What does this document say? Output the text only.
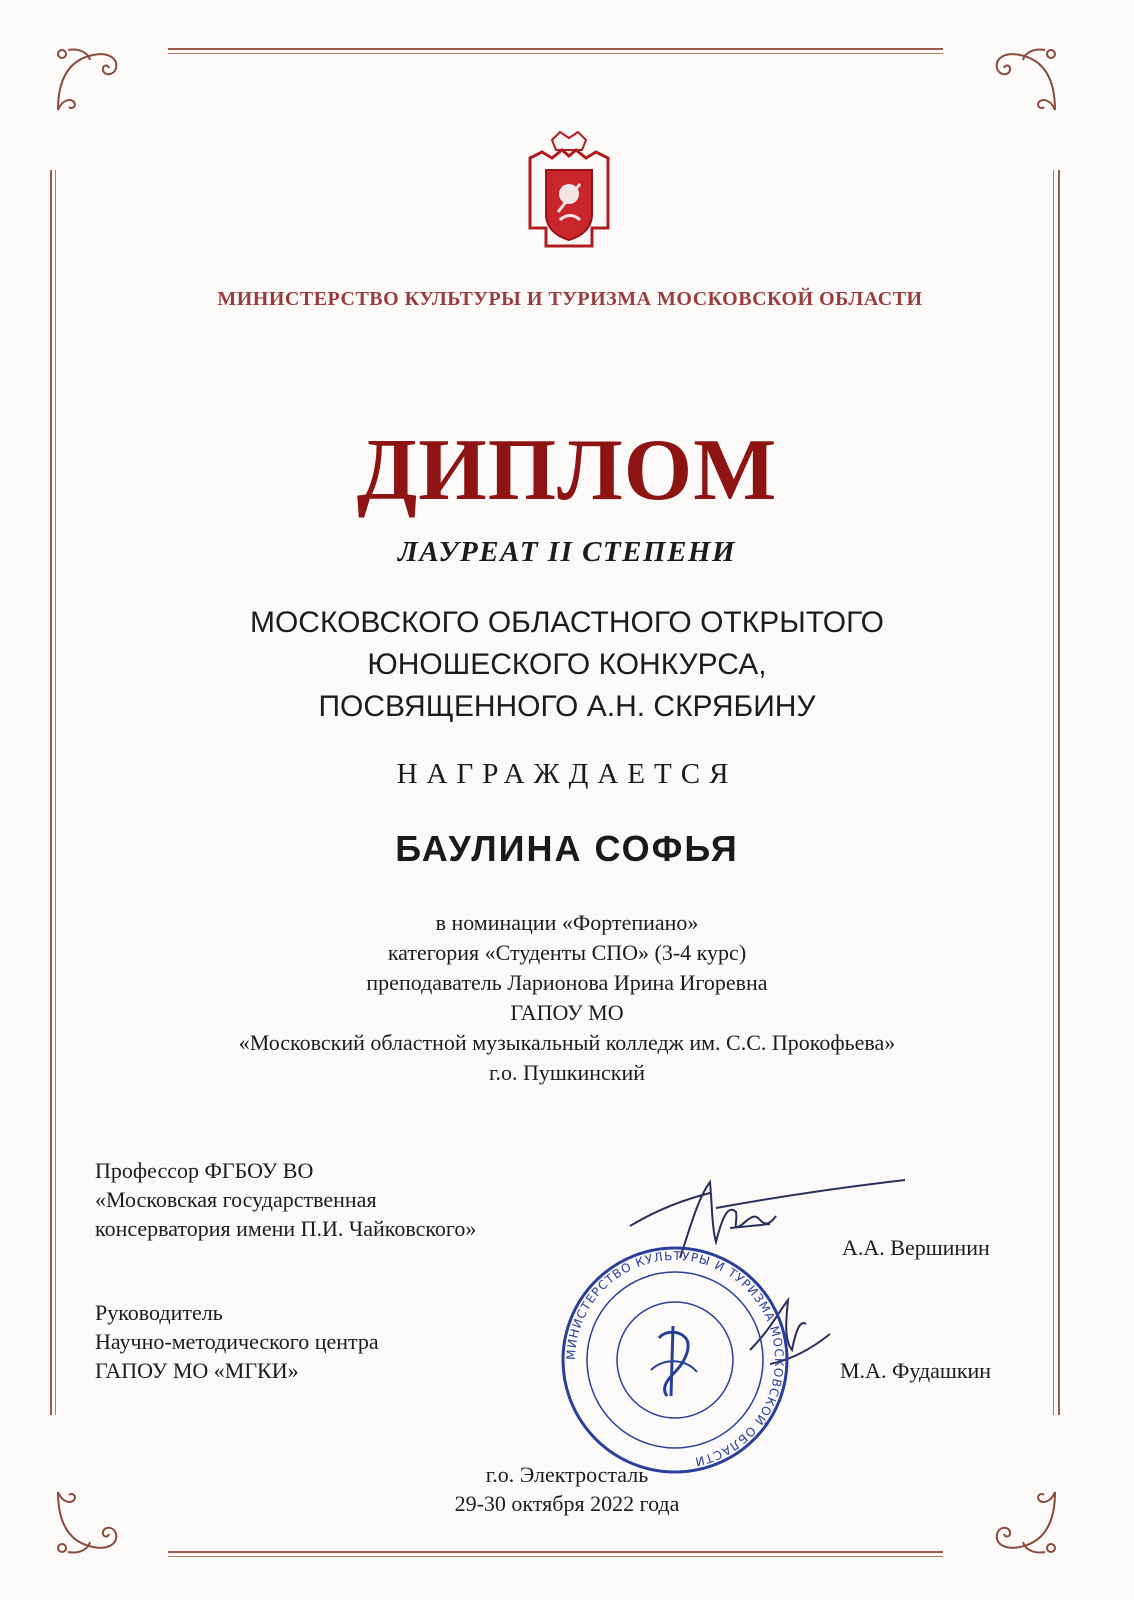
МИНИСТЕРСТВО КУЛЬТУРЫ И ТУРИЗМА МОСКОВСКОЙ ОБЛАСТИ
ДИПЛОМ
ЛАУРЕАТ II СТЕПЕНИ
МОСКОВСКОГО ОБЛАСТНОГО ОТКРЫТОГО
ЮНОШЕСКОГО КОНКУРСА,
ПОСВЯЩЕННОГО А.Н. СКРЯБИНУ
НАГРАЖДАЕТСЯ
БАУЛИНА СОФЬЯ
в номинации «Фортепиано»
категория «Студенты СПО» (3-4 курс)
преподаватель Ларионова Ирина Игоревна
ГАПОУ МО
«Московский областной музыкальный колледж им. С.С. Прокофьева»
г.о. Пушкинский
Профессор ФГБОУ ВО
«Московская государственная
консерватория имени П.И. Чайковского»
А.А. Вершинин
Руководитель
Научно-методического центра
ГАПОУ МО «МГКИ»	М.А. Фудашкин
МИНИСТЕРСТВО КУЛЬТУРЫ И ТУРИЗМА МОСКОВСКОЙ ОБЛАСТИ
г.о. Электросталь
29-30 октября 2022 года
